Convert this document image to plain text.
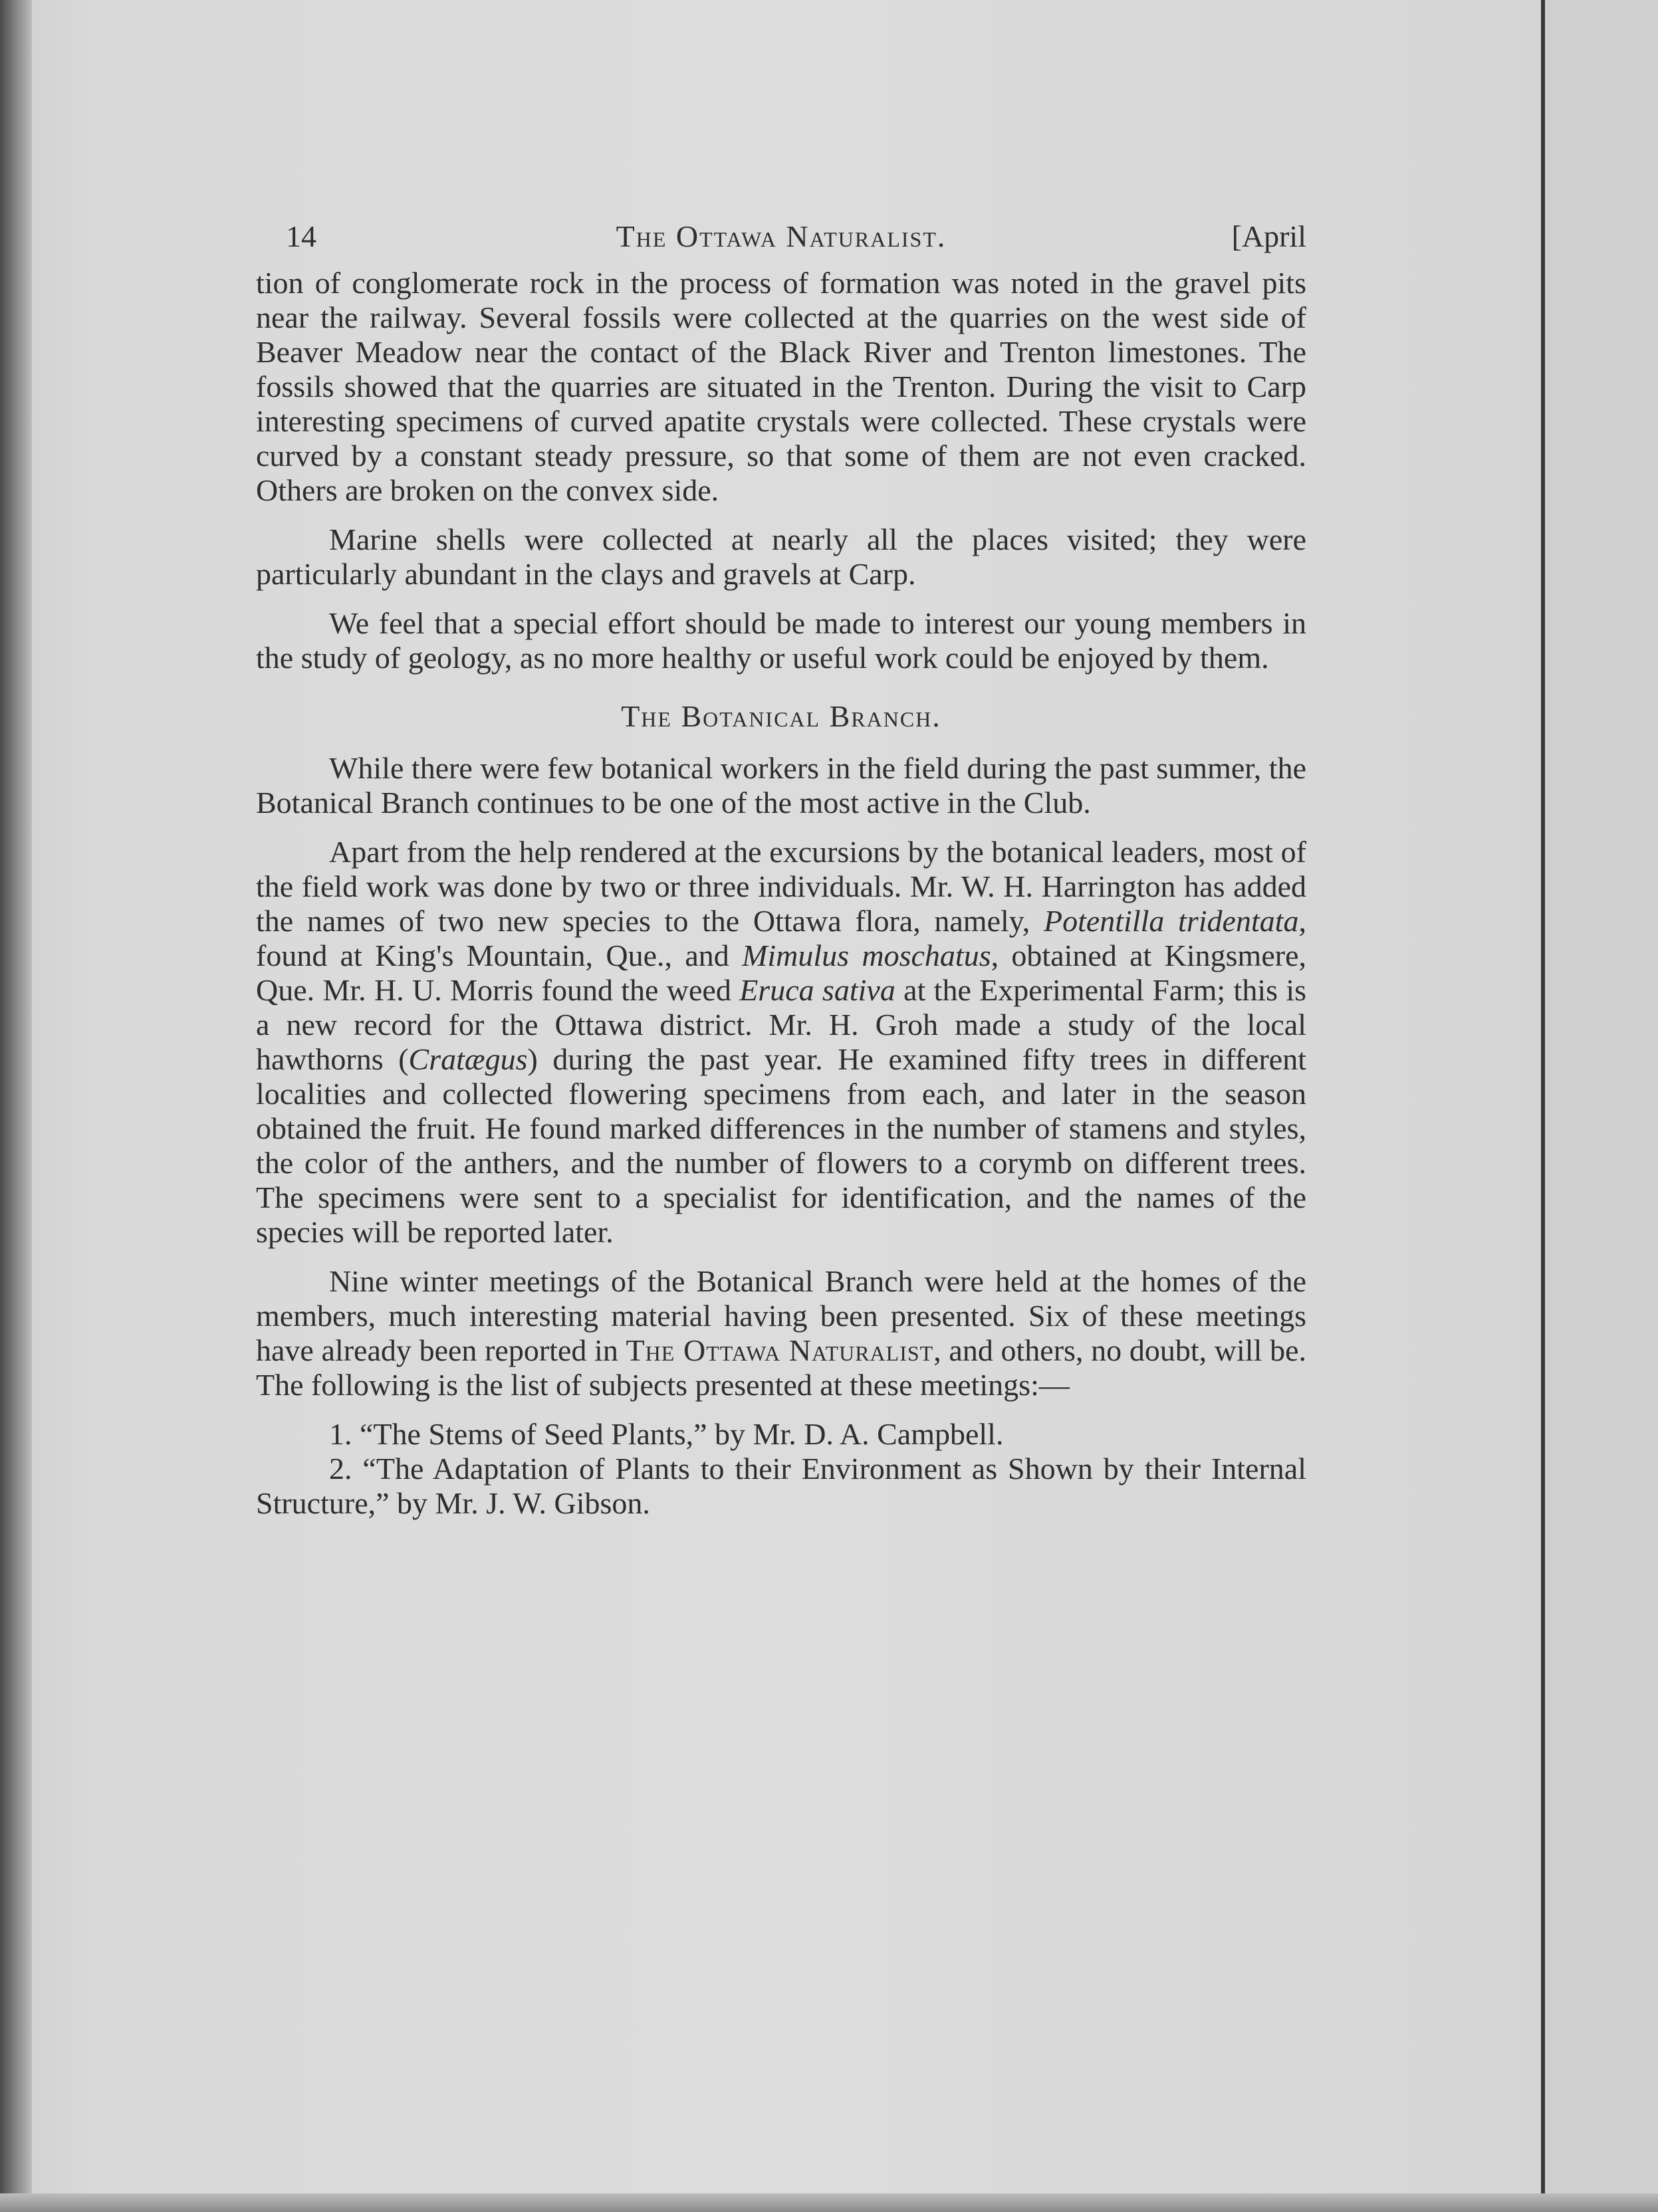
14	The Ottawa Naturalist.	[April

tion of conglomerate rock in the process of formation was noted in the gravel pits near the railway. Several fossils were collected at the quarries on the west side of Beaver Meadow near the contact of the Black River and Trenton limestones. The fossils showed that the quarries are situated in the Trenton. During the visit to Carp interesting specimens of curved apatite crystals were collected. These crystals were curved by a constant steady pressure, so that some of them are not even cracked. Others are broken on the convex side.

Marine shells were collected at nearly all the places visited; they were particularly abundant in the clays and gravels at Carp.

We feel that a special effort should be made to interest our young members in the study of geology, as no more healthy or useful work could be enjoyed by them.

The Botanical Branch.

While there were few botanical workers in the field during the past summer, the Botanical Branch continues to be one of the most active in the Club.

Apart from the help rendered at the excursions by the botanical leaders, most of the field work was done by two or three individuals. Mr. W. H. Harrington has added the names of two new species to the Ottawa flora, namely, Potentilla tridentata, found at King's Mountain, Que., and Mimulus moschatus, obtained at Kingsmere, Que. Mr. H. U. Morris found the weed Eruca sativa at the Experimental Farm; this is a new record for the Ottawa district. Mr. H. Groh made a study of the local hawthorns (Cratægus) during the past year. He examined fifty trees in different localities and collected flowering specimens from each, and later in the season obtained the fruit. He found marked differences in the number of stamens and styles, the color of the anthers, and the number of flowers to a corymb on different trees. The specimens were sent to a specialist for identification, and the names of the species will be reported later.

Nine winter meetings of the Botanical Branch were held at the homes of the members, much interesting material having been presented. Six of these meetings have already been reported in The Ottawa Naturalist, and others, no doubt, will be. The following is the list of subjects presented at these meetings:—

1. “The Stems of Seed Plants,” by Mr. D. A. Campbell.

2. “The Adaptation of Plants to their Environment as Shown by their Internal Structure,” by Mr. J. W. Gibson.
